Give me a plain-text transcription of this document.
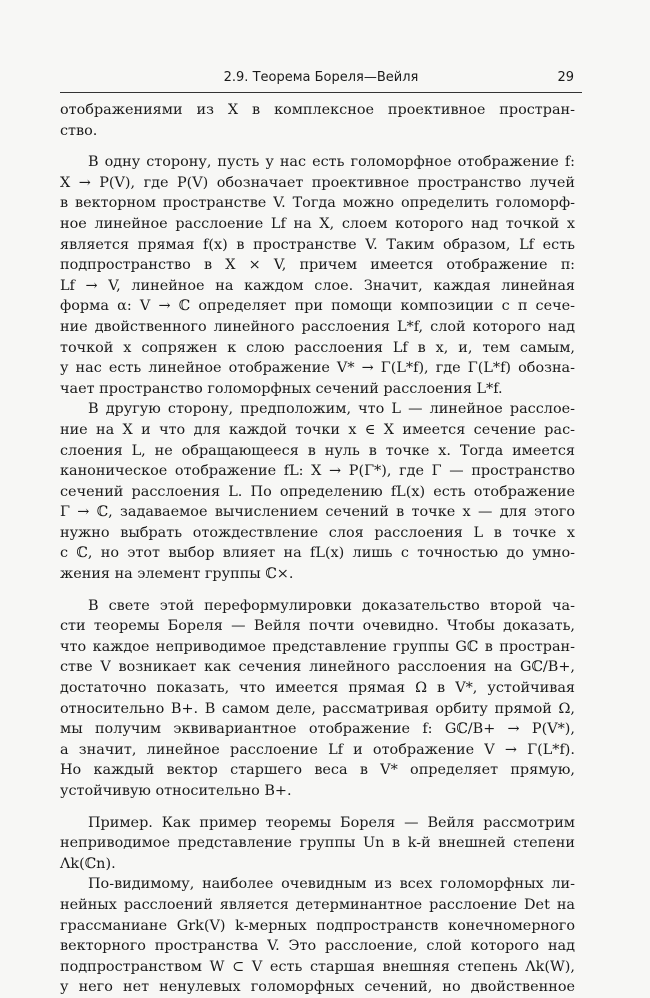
2.9. Теорема Бореля—Вейля	29
отображениями из X в комплексное проективное простран-
ство.
В одну сторону, пусть у нас есть голоморфное отображение f:
X → P(V), где P(V) обозначает проективное пространство лучей
в векторном пространстве V. Тогда можно определить голоморф-
ное линейное расслоение Lf на X, слоем которого над точкой x
является прямая f(x) в пространстве V. Таким образом, Lf есть
подпространство в X × V, причем имеется отображение π:
Lf → V, линейное на каждом слое. Значит, каждая линейная
форма α: V → ℂ определяет при помощи композиции с π сече-
ние двойственного линейного расслоения L*f, слой которого над
точкой x сопряжен к слою расслоения Lf в x, и, тем самым,
у нас есть линейное отображение V* → Γ(L*f), где Γ(L*f) обознa-
чает пространство голоморфных сечений расслоения L*f.
В другую сторону, предположим, что L — линейное расслое-
ние на X и что для каждой точки x ∈ X имеется сечение рас-
слоения L, не обращающееся в нуль в точке x. Тогда имеется
каноническое отображение fL: X → P(Γ*), где Γ — пространство
сечений расслоения L. По определению fL(x) есть отображение
Γ → ℂ, задаваемое вычислением сечений в точке x — для этого
нужно выбрать отождествление слоя расслоения L в точке x
с ℂ, но этот выбор влияет на fL(x) лишь с точностью до умно-
жения на элемент группы ℂ×.
В свете этой переформулировки доказательство второй ча-
сти теоремы Бореля — Вейля почти очевидно. Чтобы доказать,
что каждое неприводимое представление группы Gℂ в простран-
стве V возникает как сечения линейного расслоения на Gℂ/B+,
достаточно показать, что имеется прямая Ω в V*, устойчивая
относительно B+. В самом деле, рассматривая орбиту прямой Ω,
мы получим эквивариантное отображение f: Gℂ/B+ → P(V*),
а значит, линейное расслоение Lf и отображение V → Γ(L*f).
Но каждый вектор старшего веса в V* определяет прямую,
устойчивую относительно B+.
Пример. Как пример теоремы Бореля — Вейля рассмотрим
неприводимое представление группы Un в k-й внешней степени
Λk(ℂn).
По-видимому, наиболее очевидным из всех голоморфных ли-
нейных расслоений является детерминантное расслоение Det на
грассманиане Grk(V) k-мерных подпространств конечномерного
векторного пространства V. Это расслоение, слой которого над
подпространством W ⊂ V есть старшая внешняя степень Λk(W),
у него нет ненулевых голоморфных сечений, но двойственное
